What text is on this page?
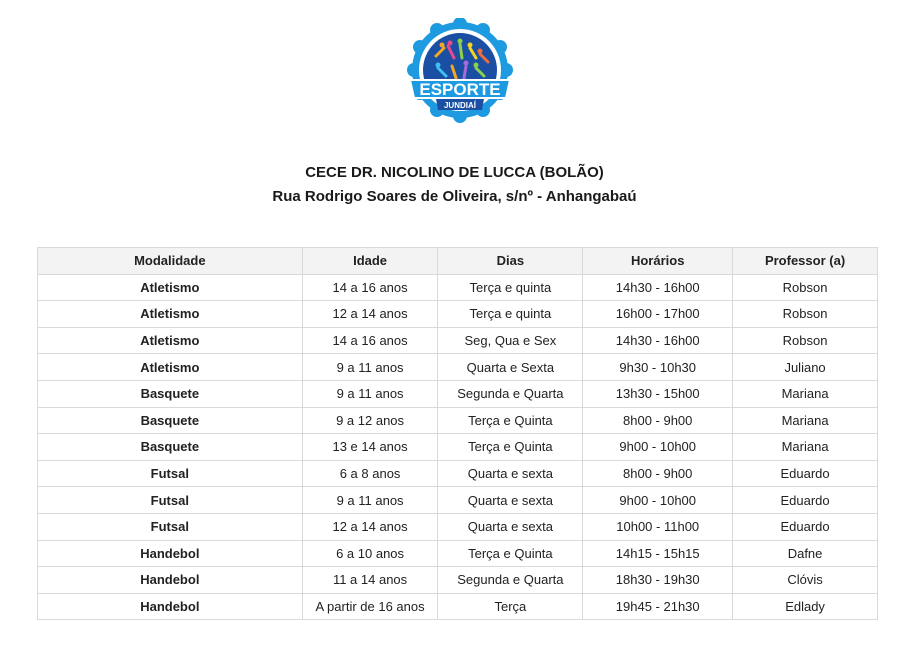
ESPORTE
JUNDIAÍ
CECE DR. NICOLINO DE LUCCA (BOLÃO)
Rua Rodrigo Soares de Oliveira, s/nº - Anhangabaú
Modalidade	Idade	Dias	Horários	Professor (a)
Atletismo	14 a 16 anos	Terça e quinta	14h30 - 16h00	Robson
Atletismo	12 a 14 anos	Terça e quinta	16h00 - 17h00	Robson
Atletismo	14 a 16 anos	Seg, Qua e Sex	14h30 - 16h00	Robson
Atletismo	9 a 11 anos	Quarta e Sexta	9h30 - 10h30	Juliano
Basquete	9 a 11 anos	Segunda e Quarta	13h30 - 15h00	Mariana
Basquete	9 a 12 anos	Terça e Quinta	8h00 - 9h00	Mariana
Basquete	13 e 14 anos	Terça e Quinta	9h00 - 10h00	Mariana
Futsal	6 a 8 anos	Quarta e sexta	8h00 - 9h00	Eduardo
Futsal	9 a 11 anos	Quarta e sexta	9h00 - 10h00	Eduardo
Futsal	12 a 14 anos	Quarta e sexta	10h00 - 11h00	Eduardo
Handebol	6 a 10 anos	Terça e Quinta	14h15 - 15h15	Dafne
Handebol	11 a 14 anos	Segunda e Quarta	18h30 - 19h30	Clóvis
Handebol	A partir de 16 anos	Terça	19h45 - 21h30	Edlady
